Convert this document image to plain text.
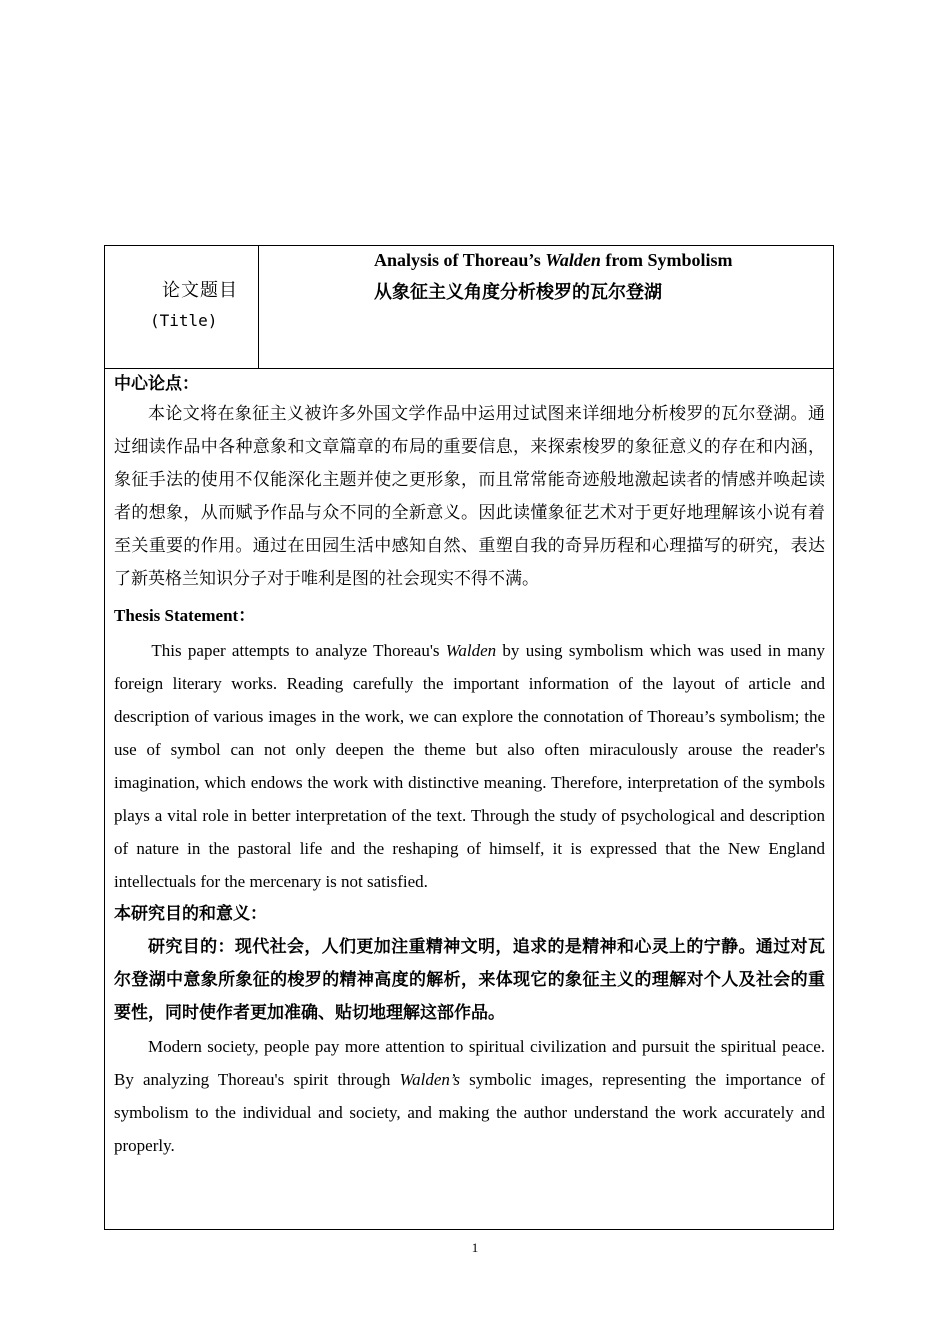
论文题目
(Title)
Analysis of Thoreau’s Walden from Symbolism
从象征主义角度分析梭罗的瓦尔登湖
中心论点：

本论文将在象征主义被许多外国文学作品中运用过试图来详细地分析梭罗的瓦尔登湖。通过细读作品中各种意象和文章篇章的布局的重要信息，来探索梭罗的象征意义的存在和内涵，象征手法的使用不仅能深化主题并使之更形象，而且常常能奇迹般地激起读者的情感并唤起读者的想象，从而赋予作品与众不同的全新意义。因此读懂象征艺术对于更好地理解该小说有着至关重要的作用。通过在田园生活中感知自然、重塑自我的奇异历程和心理描写的研究，表达了新英格兰知识分子对于唯利是图的社会现实不得不满。

Thesis Statement：

This paper attempts to analyze Thoreau's Walden by using symbolism which was used in many foreign literary works. Reading carefully the important information of the layout of article and description of various images in the work, we can explore the connotation of Thoreau’s symbolism; the use of symbol can not only deepen the theme but also often miraculously arouse the reader's imagination, which endows the work with distinctive meaning. Therefore, interpretation of the symbols plays a vital role in better interpretation of the text. Through the study of psychological and description of nature in the pastoral life and the reshaping of himself, it is expressed that the New England intellectuals for the mercenary is not satisfied.

本研究目的和意义：

研究目的：现代社会，人们更加注重精神文明，追求的是精神和心灵上的宁静。通过对瓦尔登湖中意象所象征的梭罗的精神高度的解析，来体现它的象征主义的理解对个人及社会的重要性，同时使作者更加准确、贴切地理解这部作品。

Modern society, people pay more attention to spiritual civilization and pursuit the spiritual peace. By analyzing Thoreau's spirit through Walden’s symbolic images, representing the importance of symbolism to the individual and society, and making the author understand the work accurately and properly.

1
